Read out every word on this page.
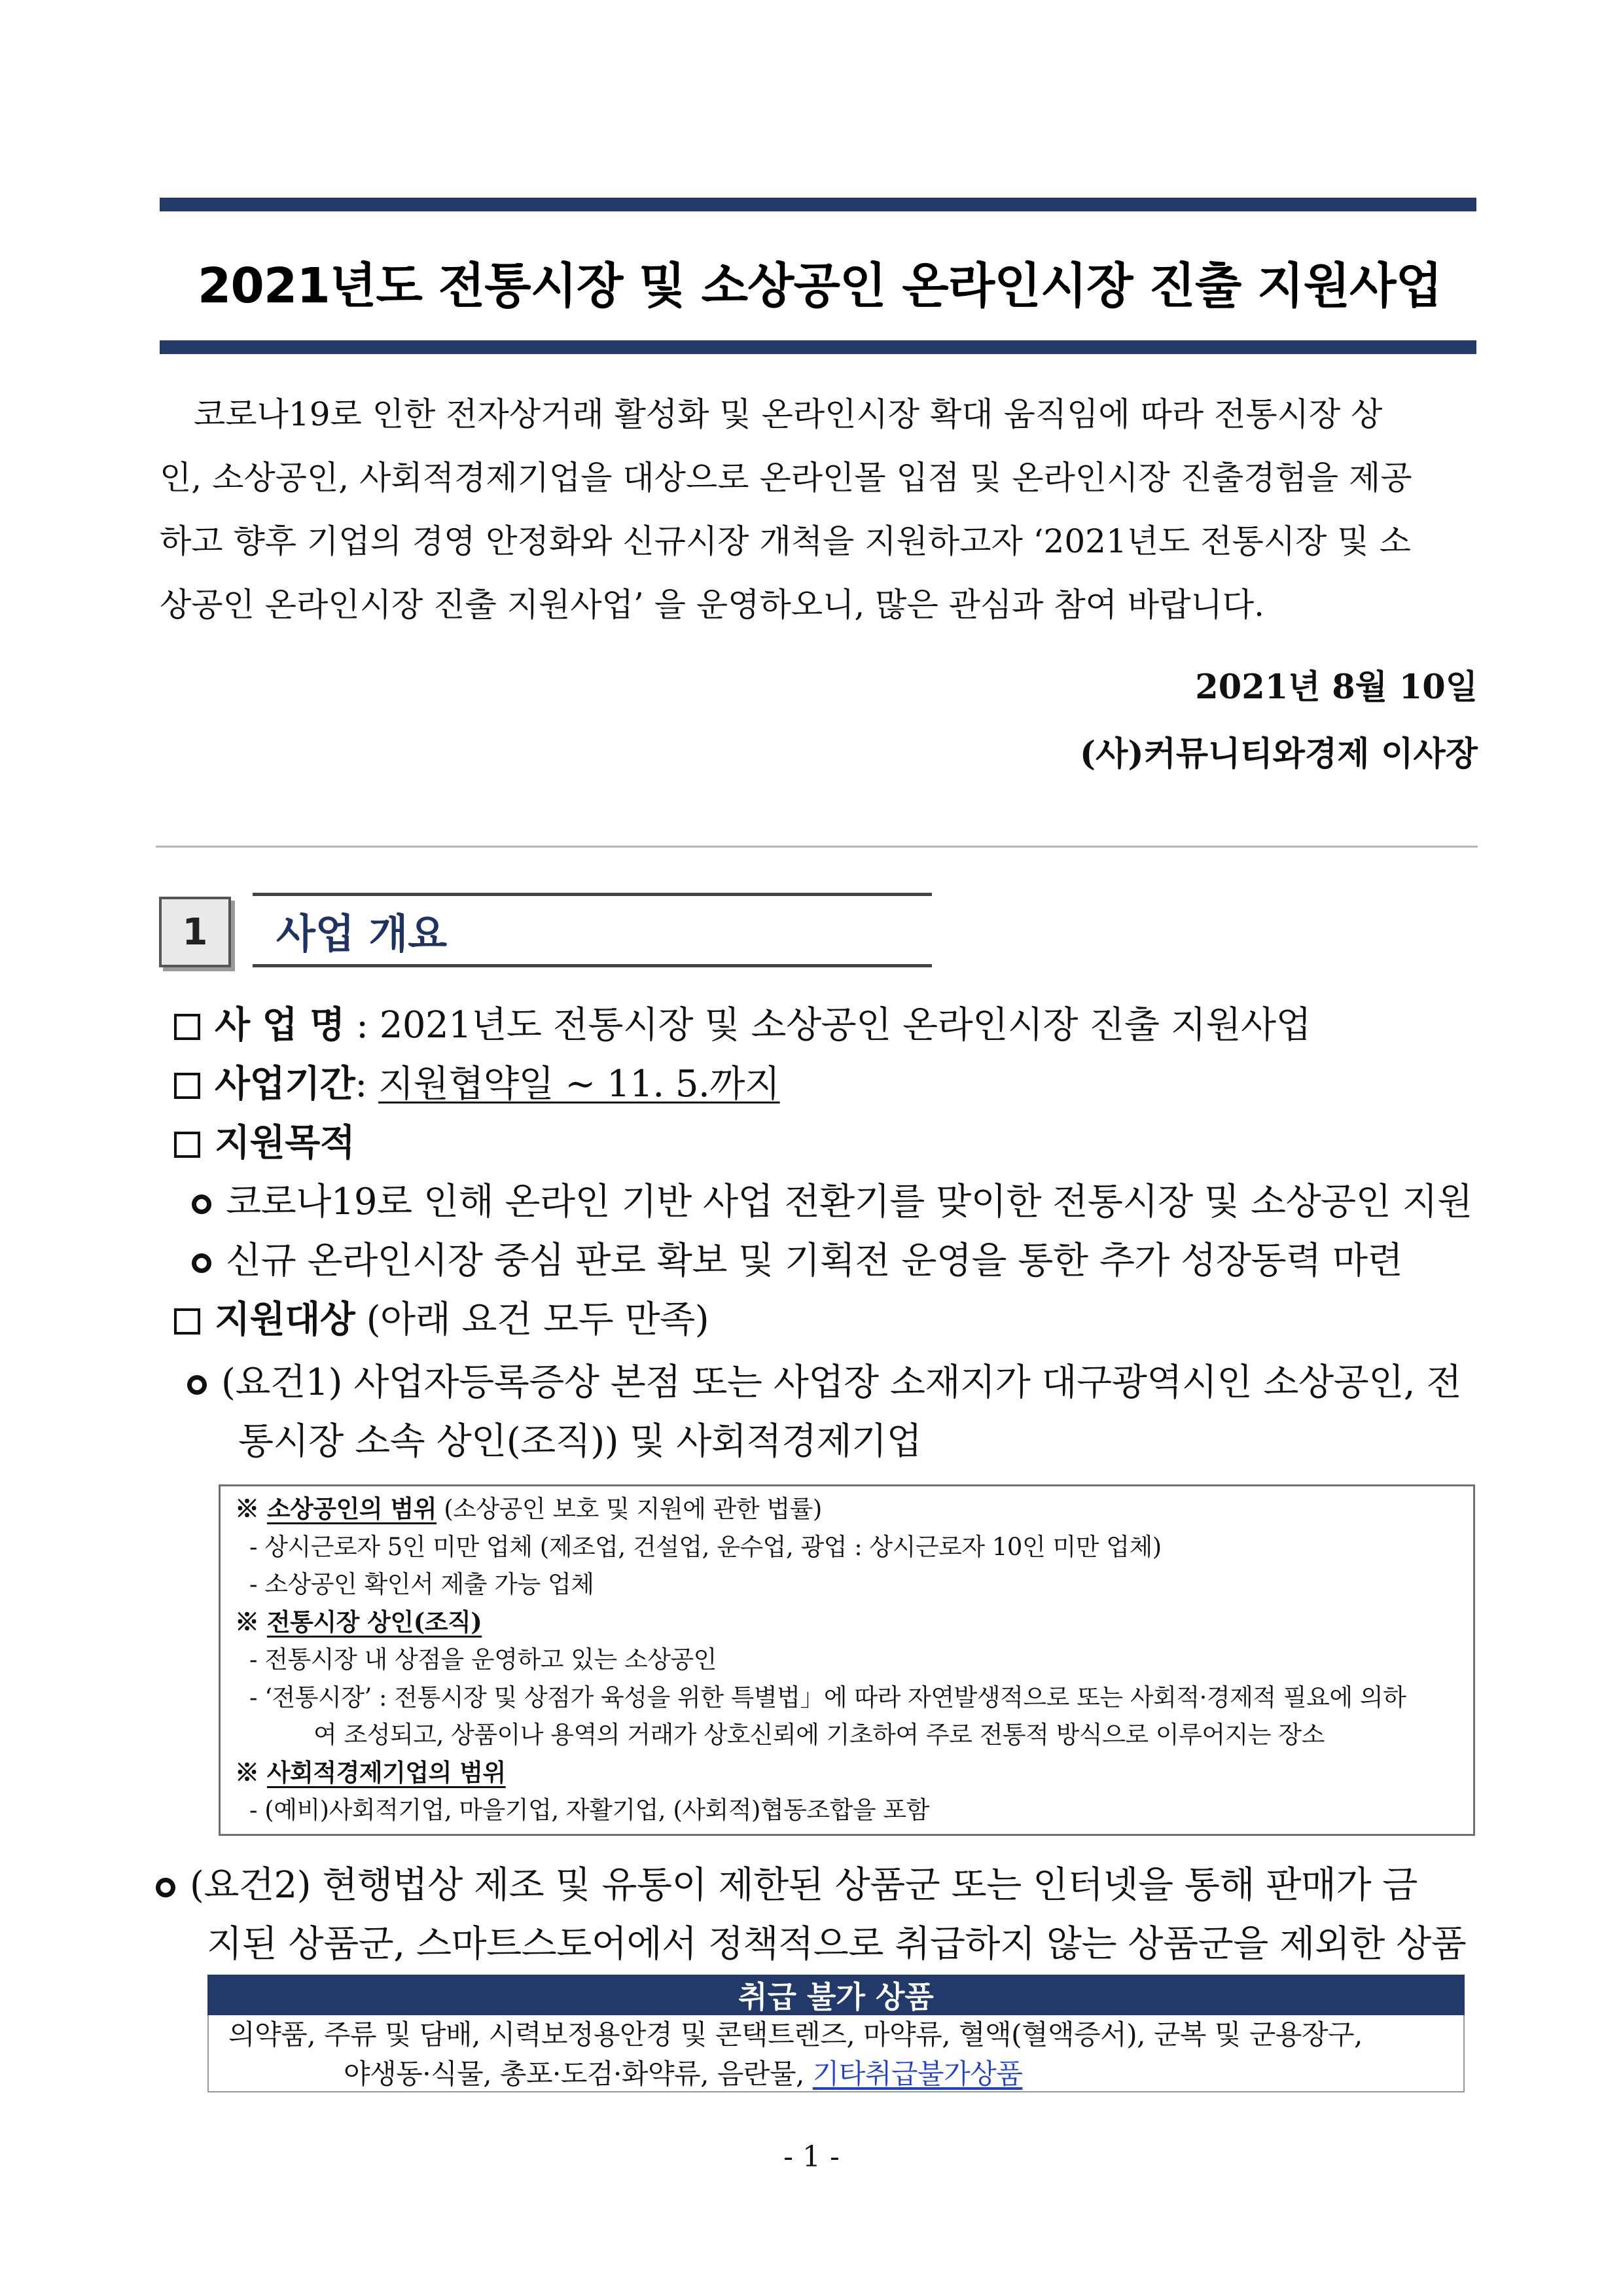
2021년도 전통시장 및 소상공인 온라인시장 진출 지원사업
코로나19로 인한 전자상거래 활성화 및 온라인시장 확대 움직임에 따라 전통시장 상
인, 소상공인, 사회적경제기업을 대상으로 온라인몰 입점 및 온라인시장 진출경험을 제공
하고 향후 기업의 경영 안정화와 신규시장 개척을 지원하고자 ‘2021년도 전통시장 및 소
상공인 온라인시장 진출 지원사업’ 을 운영하오니, 많은 관심과 참여 바랍니다.
2021년 8월 10일
(사)커뮤니티와경제 이사장
1	사업 개요
사 업 명 : 2021년도 전통시장 및 소상공인 온라인시장 진출 지원사업
사업기간: 지원협약일 ~ 11. 5.까지
지원목적
코로나19로 인해 온라인 기반 사업 전환기를 맞이한 전통시장 및 소상공인 지원
신규 온라인시장 중심 판로 확보 및 기획전 운영을 통한 추가 성장동력 마련
지원대상 (아래 요건 모두 만족)
(요건1) 사업자등록증상 본점 또는 사업장 소재지가 대구광역시인 소상공인, 전
통시장 소속 상인(조직)) 및 사회적경제기업
※ 소상공인의 범위 (소상공인 보호 및 지원에 관한 법률)
- 상시근로자 5인 미만 업체 (제조업, 건설업, 운수업, 광업 : 상시근로자 10인 미만 업체)
- 소상공인 확인서 제출 가능 업체
※ 전통시장 상인(조직)
- 전통시장 내 상점을 운영하고 있는 소상공인
- ‘전통시장’ : 전통시장 및 상점가 육성을 위한 특별법」에 따라 자연발생적으로 또는 사회적·경제적 필요에 의하
여 조성되고, 상품이나 용역의 거래가 상호신뢰에 기초하여 주로 전통적 방식으로 이루어지는 장소
※ 사회적경제기업의 범위
- (예비)사회적기업, 마을기업, 자활기업, (사회적)협동조합을 포함
(요건2) 현행법상 제조 및 유통이 제한된 상품군 또는 인터넷을 통해 판매가 금
지된 상품군, 스마트스토어에서 정책적으로 취급하지 않는 상품군을 제외한 상품
취급 불가 상품
의약품, 주류 및 담배, 시력보정용안경 및 콘택트렌즈, 마약류, 혈액(혈액증서), 군복 및 군용장구,
야생동·식물, 총포·도검·화약류, 음란물, 기타취급불가상품
- 1 -
